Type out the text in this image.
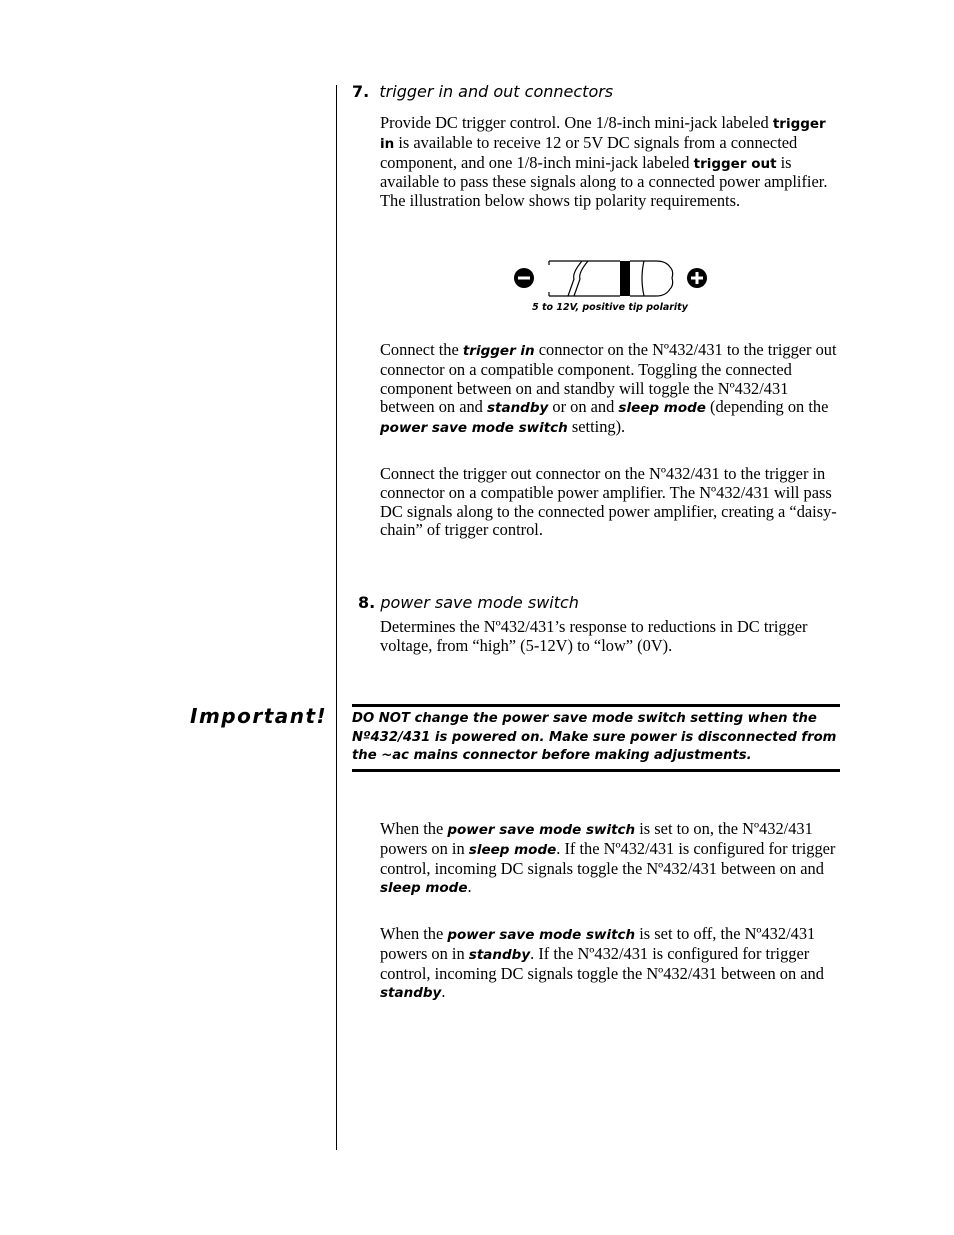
7. trigger in and out connectors

Provide DC trigger control. One 1/8-inch mini-jack labeled trigger in is available to receive 12 or 5V DC signals from a connected component, and one 1/8-inch mini-jack labeled trigger out is available to pass these signals along to a connected power amplifier. The illustration below shows tip polarity requirements.

5 to 12V, positive tip polarity

Connect the trigger in connector on the Nº432/431 to the trigger out connector on a compatible component. Toggling the connected component between on and standby will toggle the Nº432/431 between on and standby or on and sleep mode (depending on the power save mode switch setting).

Connect the trigger out connector on the Nº432/431 to the trigger in connector on a compatible power amplifier. The Nº432/431 will pass DC signals along to the connected power amplifier, creating a “daisy-chain” of trigger control.

8. power save mode switch

Determines the Nº432/431’s response to reductions in DC trigger voltage, from “high” (5-12V) to “low” (0V).

Important! DO NOT change the power save mode switch setting when the Nº432/431 is powered on. Make sure power is disconnected from the ~ac mains connector before making adjustments.

When the power save mode switch is set to on, the Nº432/431 powers on in sleep mode. If the Nº432/431 is configured for trigger control, incoming DC signals toggle the Nº432/431 between on and sleep mode.

When the power save mode switch is set to off, the Nº432/431 powers on in standby. If the Nº432/431 is configured for trigger control, incoming DC signals toggle the Nº432/431 between on and standby.
